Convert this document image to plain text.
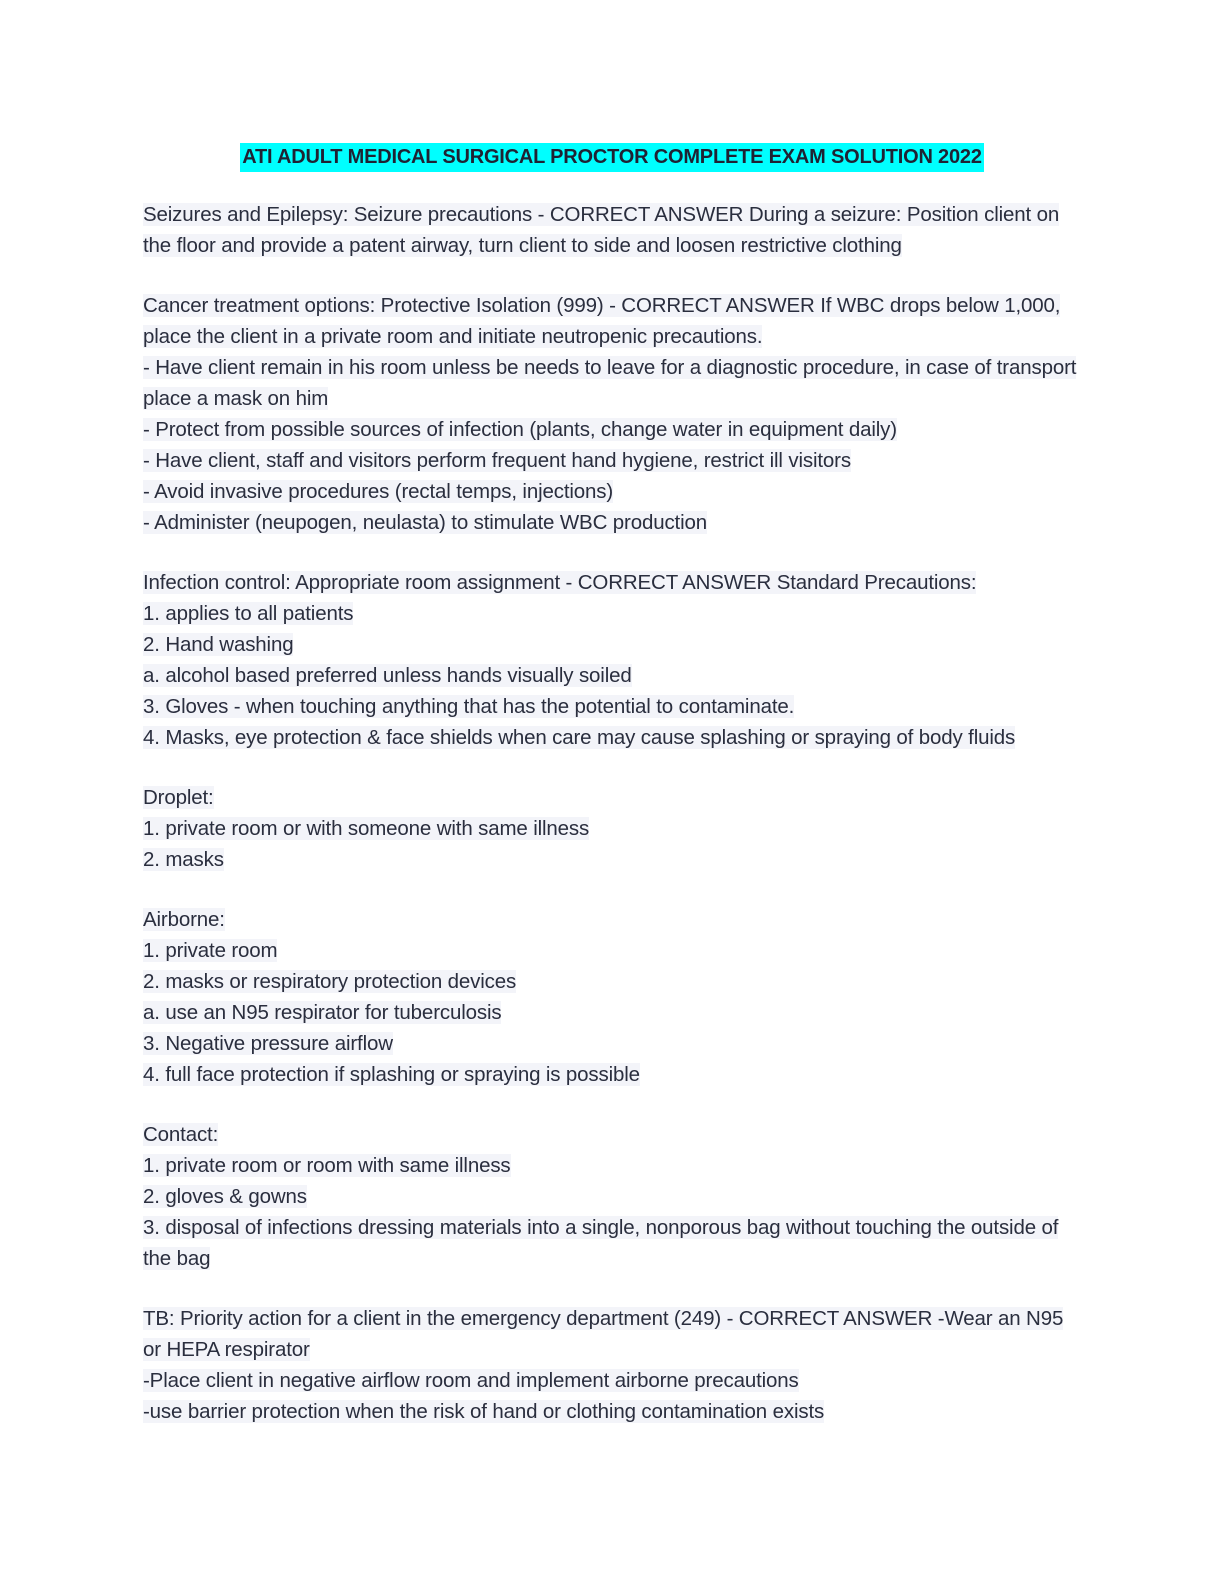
ATI ADULT MEDICAL SURGICAL PROCTOR COMPLETE EXAM SOLUTION 2022
Seizures and Epilepsy: Seizure precautions - CORRECT ANSWER During a seizure: Position client on the floor and provide a patent airway, turn client to side and loosen restrictive clothing
Cancer treatment options: Protective Isolation (999) - CORRECT ANSWER If WBC drops below 1,000, place the client in a private room and initiate neutropenic precautions.
- Have client remain in his room unless be needs to leave for a diagnostic procedure, in case of transport place a mask on him
- Protect from possible sources of infection (plants, change water in equipment daily)
- Have client, staff and visitors perform frequent hand hygiene, restrict ill visitors
- Avoid invasive procedures (rectal temps, injections)
- Administer (neupogen, neulasta) to stimulate WBC production
Infection control: Appropriate room assignment - CORRECT ANSWER Standard Precautions:
1. applies to all patients
2. Hand washing
a. alcohol based preferred unless hands visually soiled
3. Gloves - when touching anything that has the potential to contaminate.
4. Masks, eye protection & face shields when care may cause splashing or spraying of body fluids
Droplet:
1. private room or with someone with same illness
2. masks
Airborne:
1. private room
2. masks or respiratory protection devices
a. use an N95 respirator for tuberculosis
3. Negative pressure airflow
4. full face protection if splashing or spraying is possible
Contact:
1. private room or room with same illness
2. gloves & gowns
3. disposal of infections dressing materials into a single, nonporous bag without touching the outside of the bag
TB: Priority action for a client in the emergency department (249) - CORRECT ANSWER -Wear an N95 or HEPA respirator
-Place client in negative airflow room and implement airborne precautions
-use barrier protection when the risk of hand or clothing contamination exists
